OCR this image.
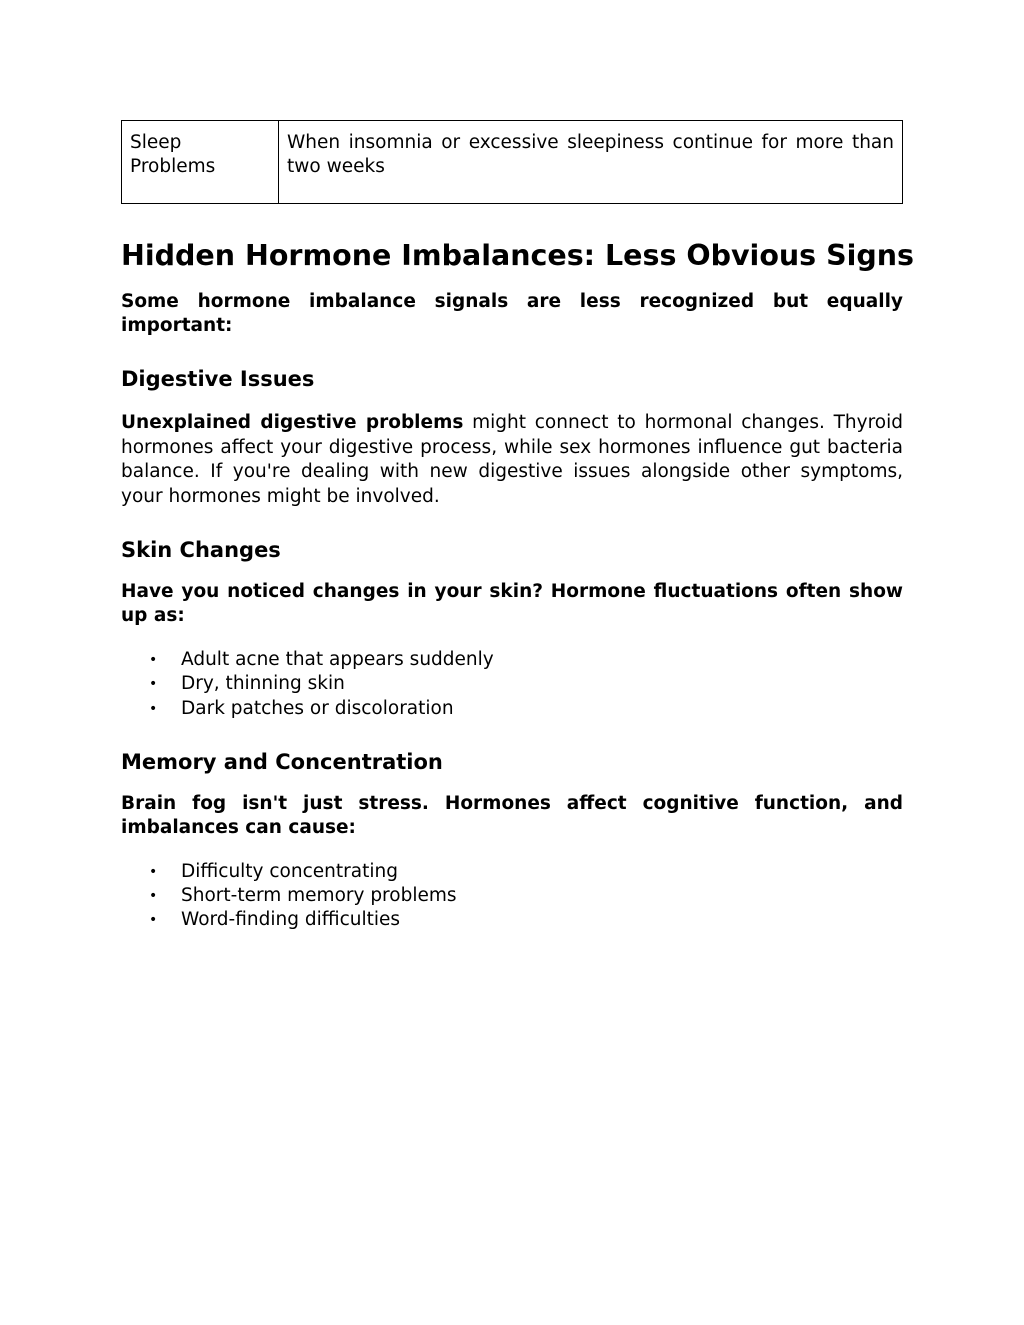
Sleep Problems	When insomnia or excessive sleepiness continue for more than two weeks
Hidden Hormone Imbalances: Less Obvious Signs

Some hormone imbalance signals are less recognized but equally important:

Digestive Issues

Unexplained digestive problems might connect to hormonal changes. Thyroid hormones affect your digestive process, while sex hormones influence gut bacteria balance. If you're dealing with new digestive issues alongside other symptoms, your hormones might be involved.

Skin Changes

Have you noticed changes in your skin? Hormone fluctuations often show up as:

• Adult acne that appears suddenly
• Dry, thinning skin
• Dark patches or discoloration
Memory and Concentration

Brain fog isn't just stress. Hormones affect cognitive function, and imbalances can cause:

• Difficulty concentrating
• Short-term memory problems
• Word-finding difficulties
